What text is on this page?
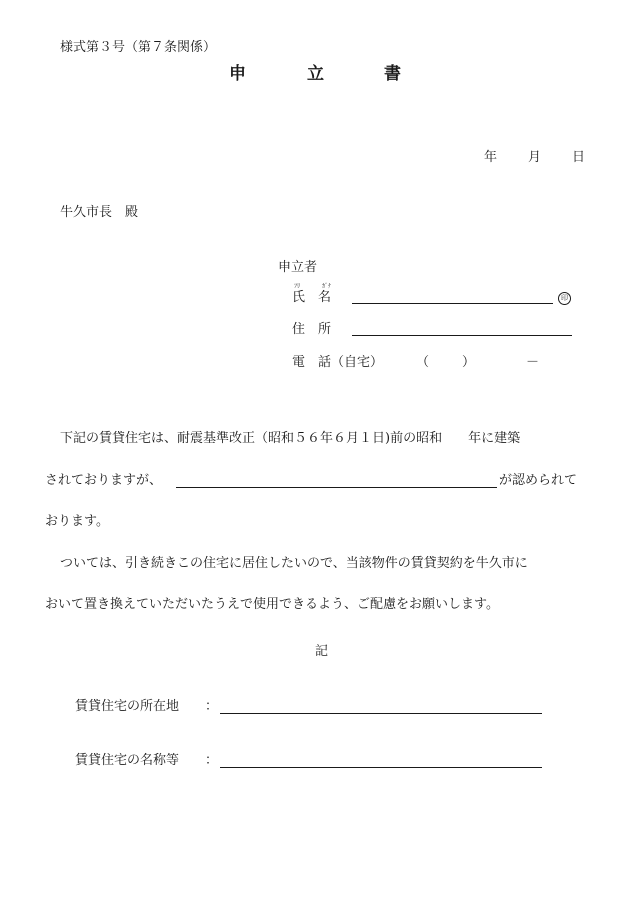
様式第３号（第７条関係）
申	立	書
年 月 日
牛久市長　殿
申立者
ﾌﾘ	ｶﾞﾅ
氏　名	印
住　所
電　話（自宅）	（	）	－
下記の賃貸住宅は、耐震基準改正（昭和５６年６月１日)前の昭和　　年に建築
されておりますが、	が認められて
おります。
ついては、引き続きこの住宅に居住したいので、当該物件の賃貸契約を牛久市に
おいて置き換えていただいたうえで使用できるよう、ご配慮をお願いします。
記
賃貸住宅の所在地 ：
賃貸住宅の名称等 ：
